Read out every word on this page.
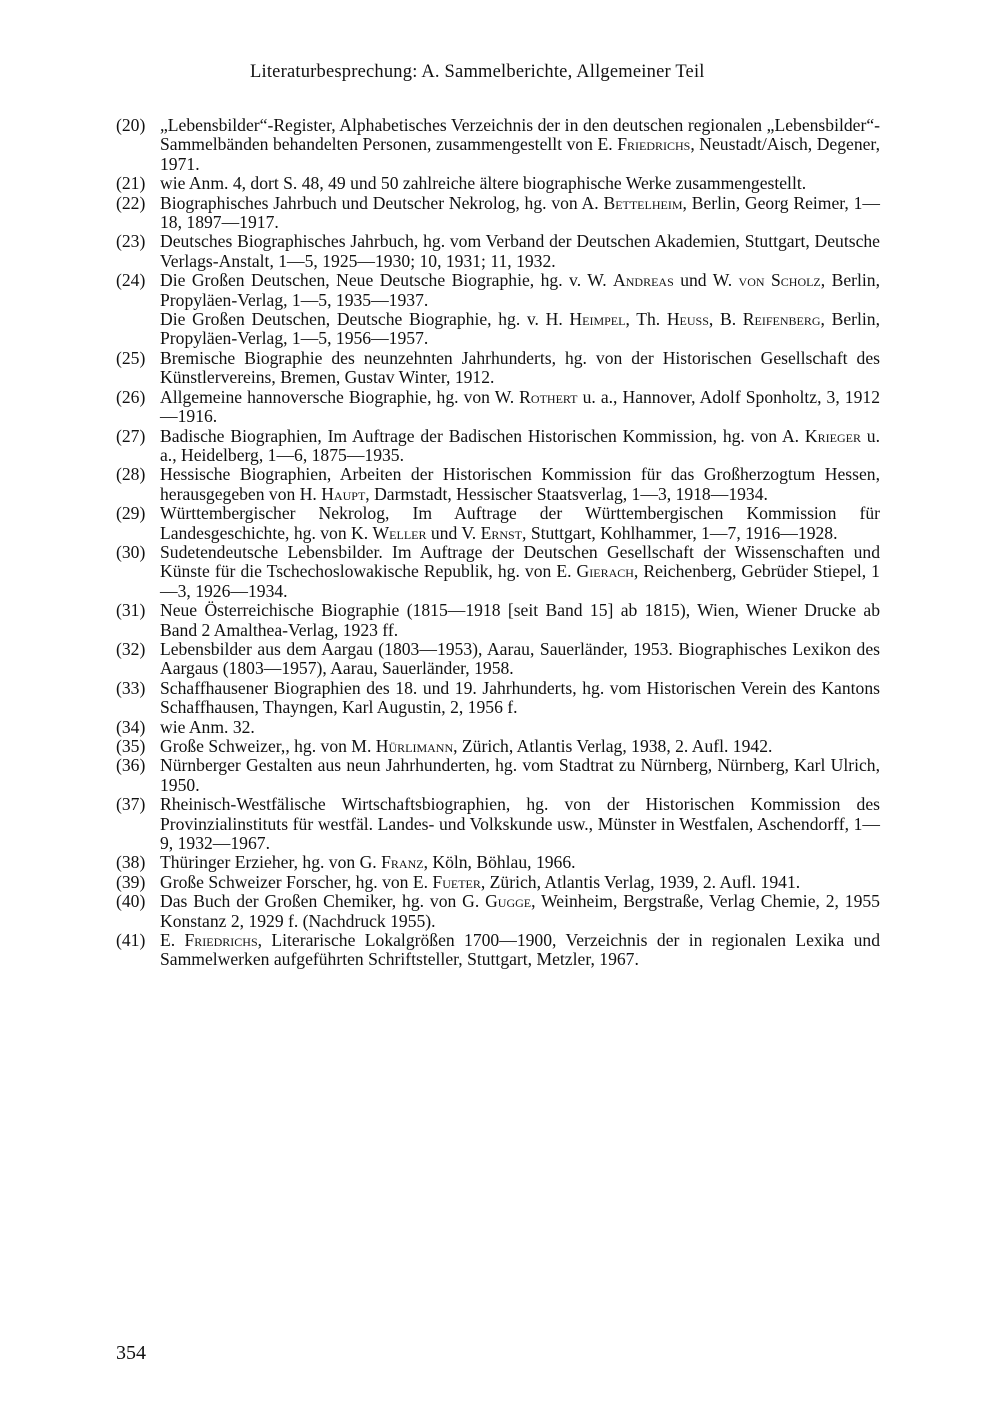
Literaturbesprechung: A. Sammelberichte, Allgemeiner Teil
(20) „Lebensbilder“-Register, Alphabetisches Verzeichnis der in den deutschen regionalen „Lebensbilder“-Sammelbänden behandelten Personen, zusammengestellt von E. Friedrichs, Neustadt/Aisch, Degener, 1971.
(21) wie Anm. 4, dort S. 48, 49 und 50 zahlreiche ältere biographische Werke zusammengestellt.
(22) Biographisches Jahrbuch und Deutscher Nekrolog, hg. von A. Bettelheim, Berlin, Georg Reimer, 1—18, 1897—1917.
(23) Deutsches Biographisches Jahrbuch, hg. vom Verband der Deutschen Akademien, Stuttgart, Deutsche Verlags-Anstalt, 1—5, 1925—1930; 10, 1931; 11, 1932.
(24) Die Großen Deutschen, Neue Deutsche Biographie, hg. v. W. Andreas und W. von Scholz, Berlin, Propyläen-Verlag, 1—5, 1935—1937.
Die Großen Deutschen, Deutsche Biographie, hg. v. H. Heimpel, Th. Heuss, B. Reifenberg, Berlin, Propyläen-Verlag, 1—5, 1956—1957.
(25) Bremische Biographie des neunzehnten Jahrhunderts, hg. von der Historischen Gesellschaft des Künstlervereins, Bremen, Gustav Winter, 1912.
(26) Allgemeine hannoversche Biographie, hg. von W. Rothert u. a., Hannover, Adolf Sponholtz, 3, 1912—1916.
(27) Badische Biographien, Im Auftrage der Badischen Historischen Kommission, hg. von A. Krieger u. a., Heidelberg, 1—6, 1875—1935.
(28) Hessische Biographien, Arbeiten der Historischen Kommission für das Großherzogtum Hessen, herausgegeben von H. Haupt, Darmstadt, Hessischer Staatsverlag, 1—3, 1918—1934.
(29) Württembergischer Nekrolog, Im Auftrage der Württembergischen Kommission für Landesgeschichte, hg. von K. Weller und V. Ernst, Stuttgart, Kohlhammer, 1—7, 1916—1928.
(30) Sudetendeutsche Lebensbilder. Im Auftrage der Deutschen Gesellschaft der Wissenschaften und Künste für die Tschechoslowakische Republik, hg. von E. Gierach, Reichenberg, Gebrüder Stiepel, 1—3, 1926—1934.
(31) Neue Österreichische Biographie (1815—1918 [seit Band 15] ab 1815), Wien, Wiener Drucke ab Band 2 Amalthea-Verlag, 1923 ff.
(32) Lebensbilder aus dem Aargau (1803—1953), Aarau, Sauerländer, 1953. Biographisches Lexikon des Aargaus (1803—1957), Aarau, Sauerländer, 1958.
(33) Schaffhausener Biographien des 18. und 19. Jahrhunderts, hg. vom Historischen Verein des Kantons Schaffhausen, Thayngen, Karl Augustin, 2, 1956 f.
(34) wie Anm. 32.
(35) Große Schweizer,, hg. von M. Hürlimann, Zürich, Atlantis Verlag, 1938, 2. Aufl. 1942.
(36) Nürnberger Gestalten aus neun Jahrhunderten, hg. vom Stadtrat zu Nürnberg, Nürnberg, Karl Ulrich, 1950.
(37) Rheinisch-Westfälische Wirtschaftsbiographien, hg. von der Historischen Kommission des Provinzialinstituts für westfäl. Landes- und Volkskunde usw., Münster in Westfalen, Aschendorff, 1—9, 1932—1967.
(38) Thüringer Erzieher, hg. von G. Franz, Köln, Böhlau, 1966.
(39) Große Schweizer Forscher, hg. von E. Fueter, Zürich, Atlantis Verlag, 1939, 2. Aufl. 1941.
(40) Das Buch der Großen Chemiker, hg. von G. Gugge, Weinheim, Bergstraße, Verlag Chemie, 2, 1955 Konstanz 2, 1929 f. (Nachdruck 1955).
(41) E. Friedrichs, Literarische Lokalgrößen 1700—1900, Verzeichnis der in regionalen Lexika und Sammelwerken aufgeführten Schriftsteller, Stuttgart, Metzler, 1967.
354
